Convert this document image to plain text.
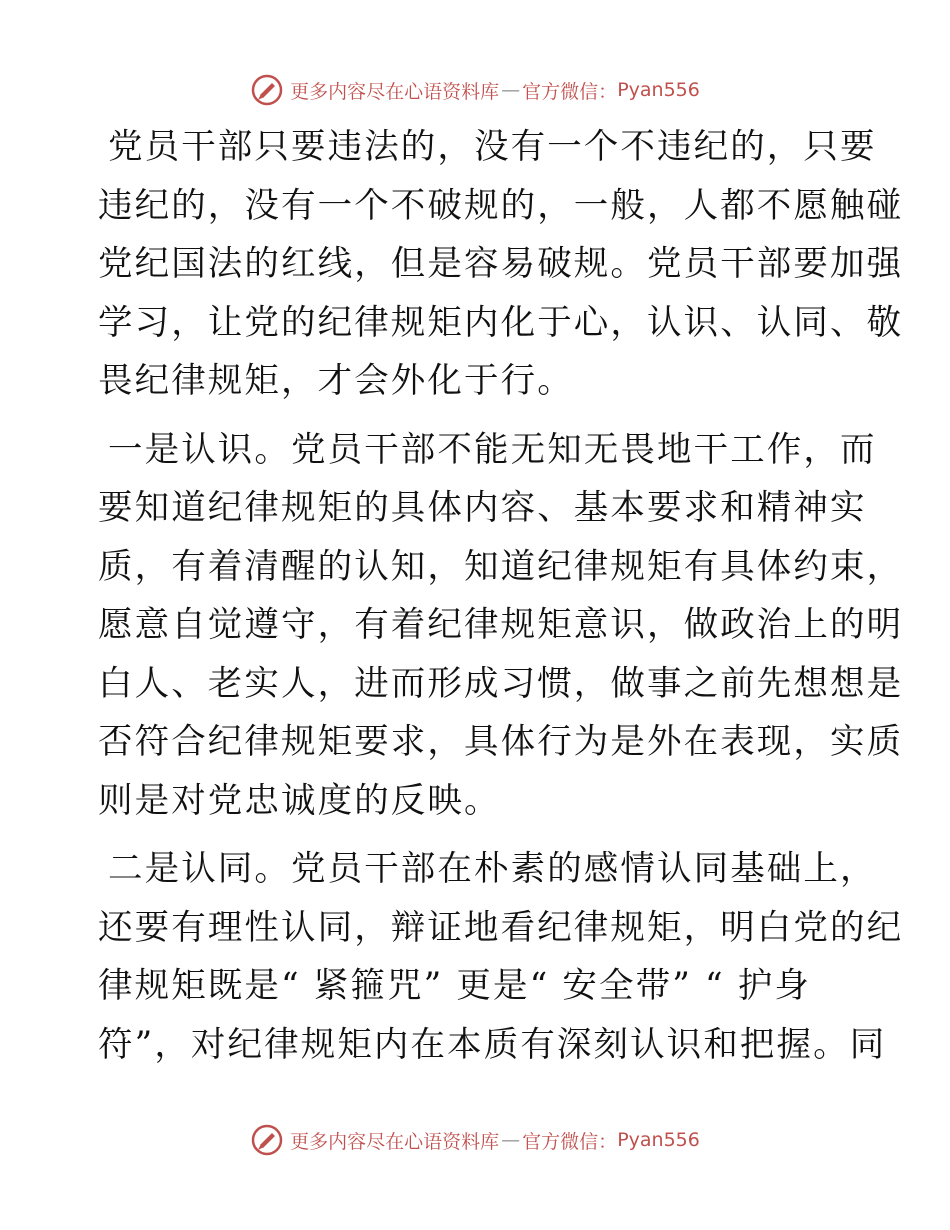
更多内容尽在心语资料库 — 官方微信： Pyan556
党员干部只要违法的，没有一个不违纪的，只要
违纪的，没有一个不破规的，一般，人都不愿触碰
党纪国法的红线，但是容易破规。党员干部要加强
学习，让党的纪律规矩内化于心，认识、认同、敬
畏纪律规矩，才会外化于行。
一是认识。党员干部不能无知无畏地干工作，而
要知道纪律规矩的具体内容、基本要求和精神实
质，有着清醒的认知，知道纪律规矩有具体约束，
愿意自觉遵守，有着纪律规矩意识，做政治上的明
白人、老实人，进而形成习惯，做事之前先想想是
否符合纪律规矩要求，具体行为是外在表现，实质
则是对党忠诚度的反映。
二是认同。党员干部在朴素的感情认同基础上，
还要有理性认同，辩证地看纪律规矩，明白党的纪
律规矩既是“ 紧箍咒” 更是“ 安全带” “ 护身
符”，对纪律规矩内在本质有深刻认识和把握。同
更多内容尽在心语资料库 — 官方微信： Pyan556
